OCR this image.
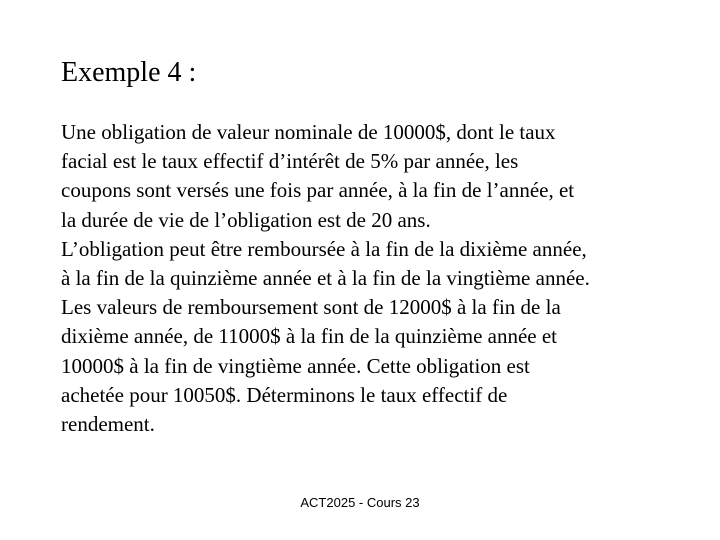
Exemple 4 :
Une obligation de valeur nominale de 10000$, dont le taux
facial est le taux effectif d’intérêt de 5% par année, les
coupons sont versés une fois par année, à la fin de l’année, et
la durée de vie de l’obligation est de 20 ans.
L’obligation peut être remboursée à la fin de la dixième année,
à la fin de la quinzième année et à la fin de la vingtième année.
Les valeurs de remboursement sont de 12000$ à la fin de la
dixième année, de 11000$ à la fin de la quinzième année et
10000$ à la fin de vingtième année. Cette obligation est
achetée pour 10050$. Déterminons le taux effectif de
rendement.
ACT2025 - Cours 23
